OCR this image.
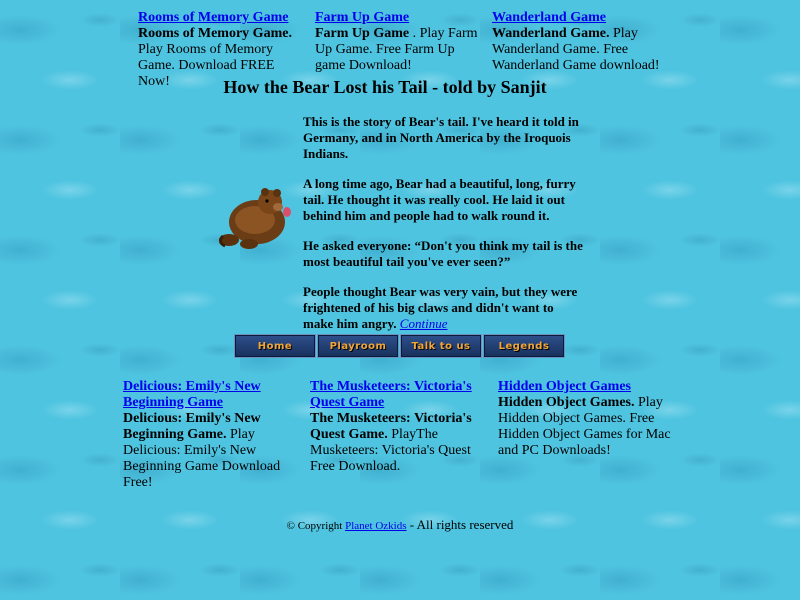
Rooms of Memory Game
Rooms of Memory Game. Play Rooms of Memory Game. Download FREE Now!
Farm Up Game
Farm Up Game . Play Farm Up Game. Free Farm Up game Download!
Wanderland Game
Wanderland Game. Play Wanderland Game. Free Wanderland Game download!
How the Bear Lost his Tail - told by Sanjit

This is the story of Bear's tail. I've heard it told in Germany, and in North America by the Iroquois Indians.

A long time ago, Bear had a beautiful, long, furry tail. He thought it was really cool. He laid it out behind him and people had to walk round it.

He asked everyone: “Don't you think my tail is the most beautiful tail you've ever seen?”

People thought Bear was very vain, but they were frightened of his big claws and didn't want to make him angry. Continue

Home	Playroom	Talk to us	Legends
Delicious: Emily's New Beginning Game
Delicious: Emily's New Beginning Game. Play Delicious: Emily's New Beginning Game Download Free!
The Musketeers: Victoria's Quest Game
The Musketeers: Victoria's Quest Game. PlayThe Musketeers: Victoria's Quest Free Download.
Hidden Object Games
Hidden Object Games. Play Hidden Object Games. Free Hidden Object Games for Mac and PC Downloads!
© Copyright Planet Ozkids - All rights reserved
